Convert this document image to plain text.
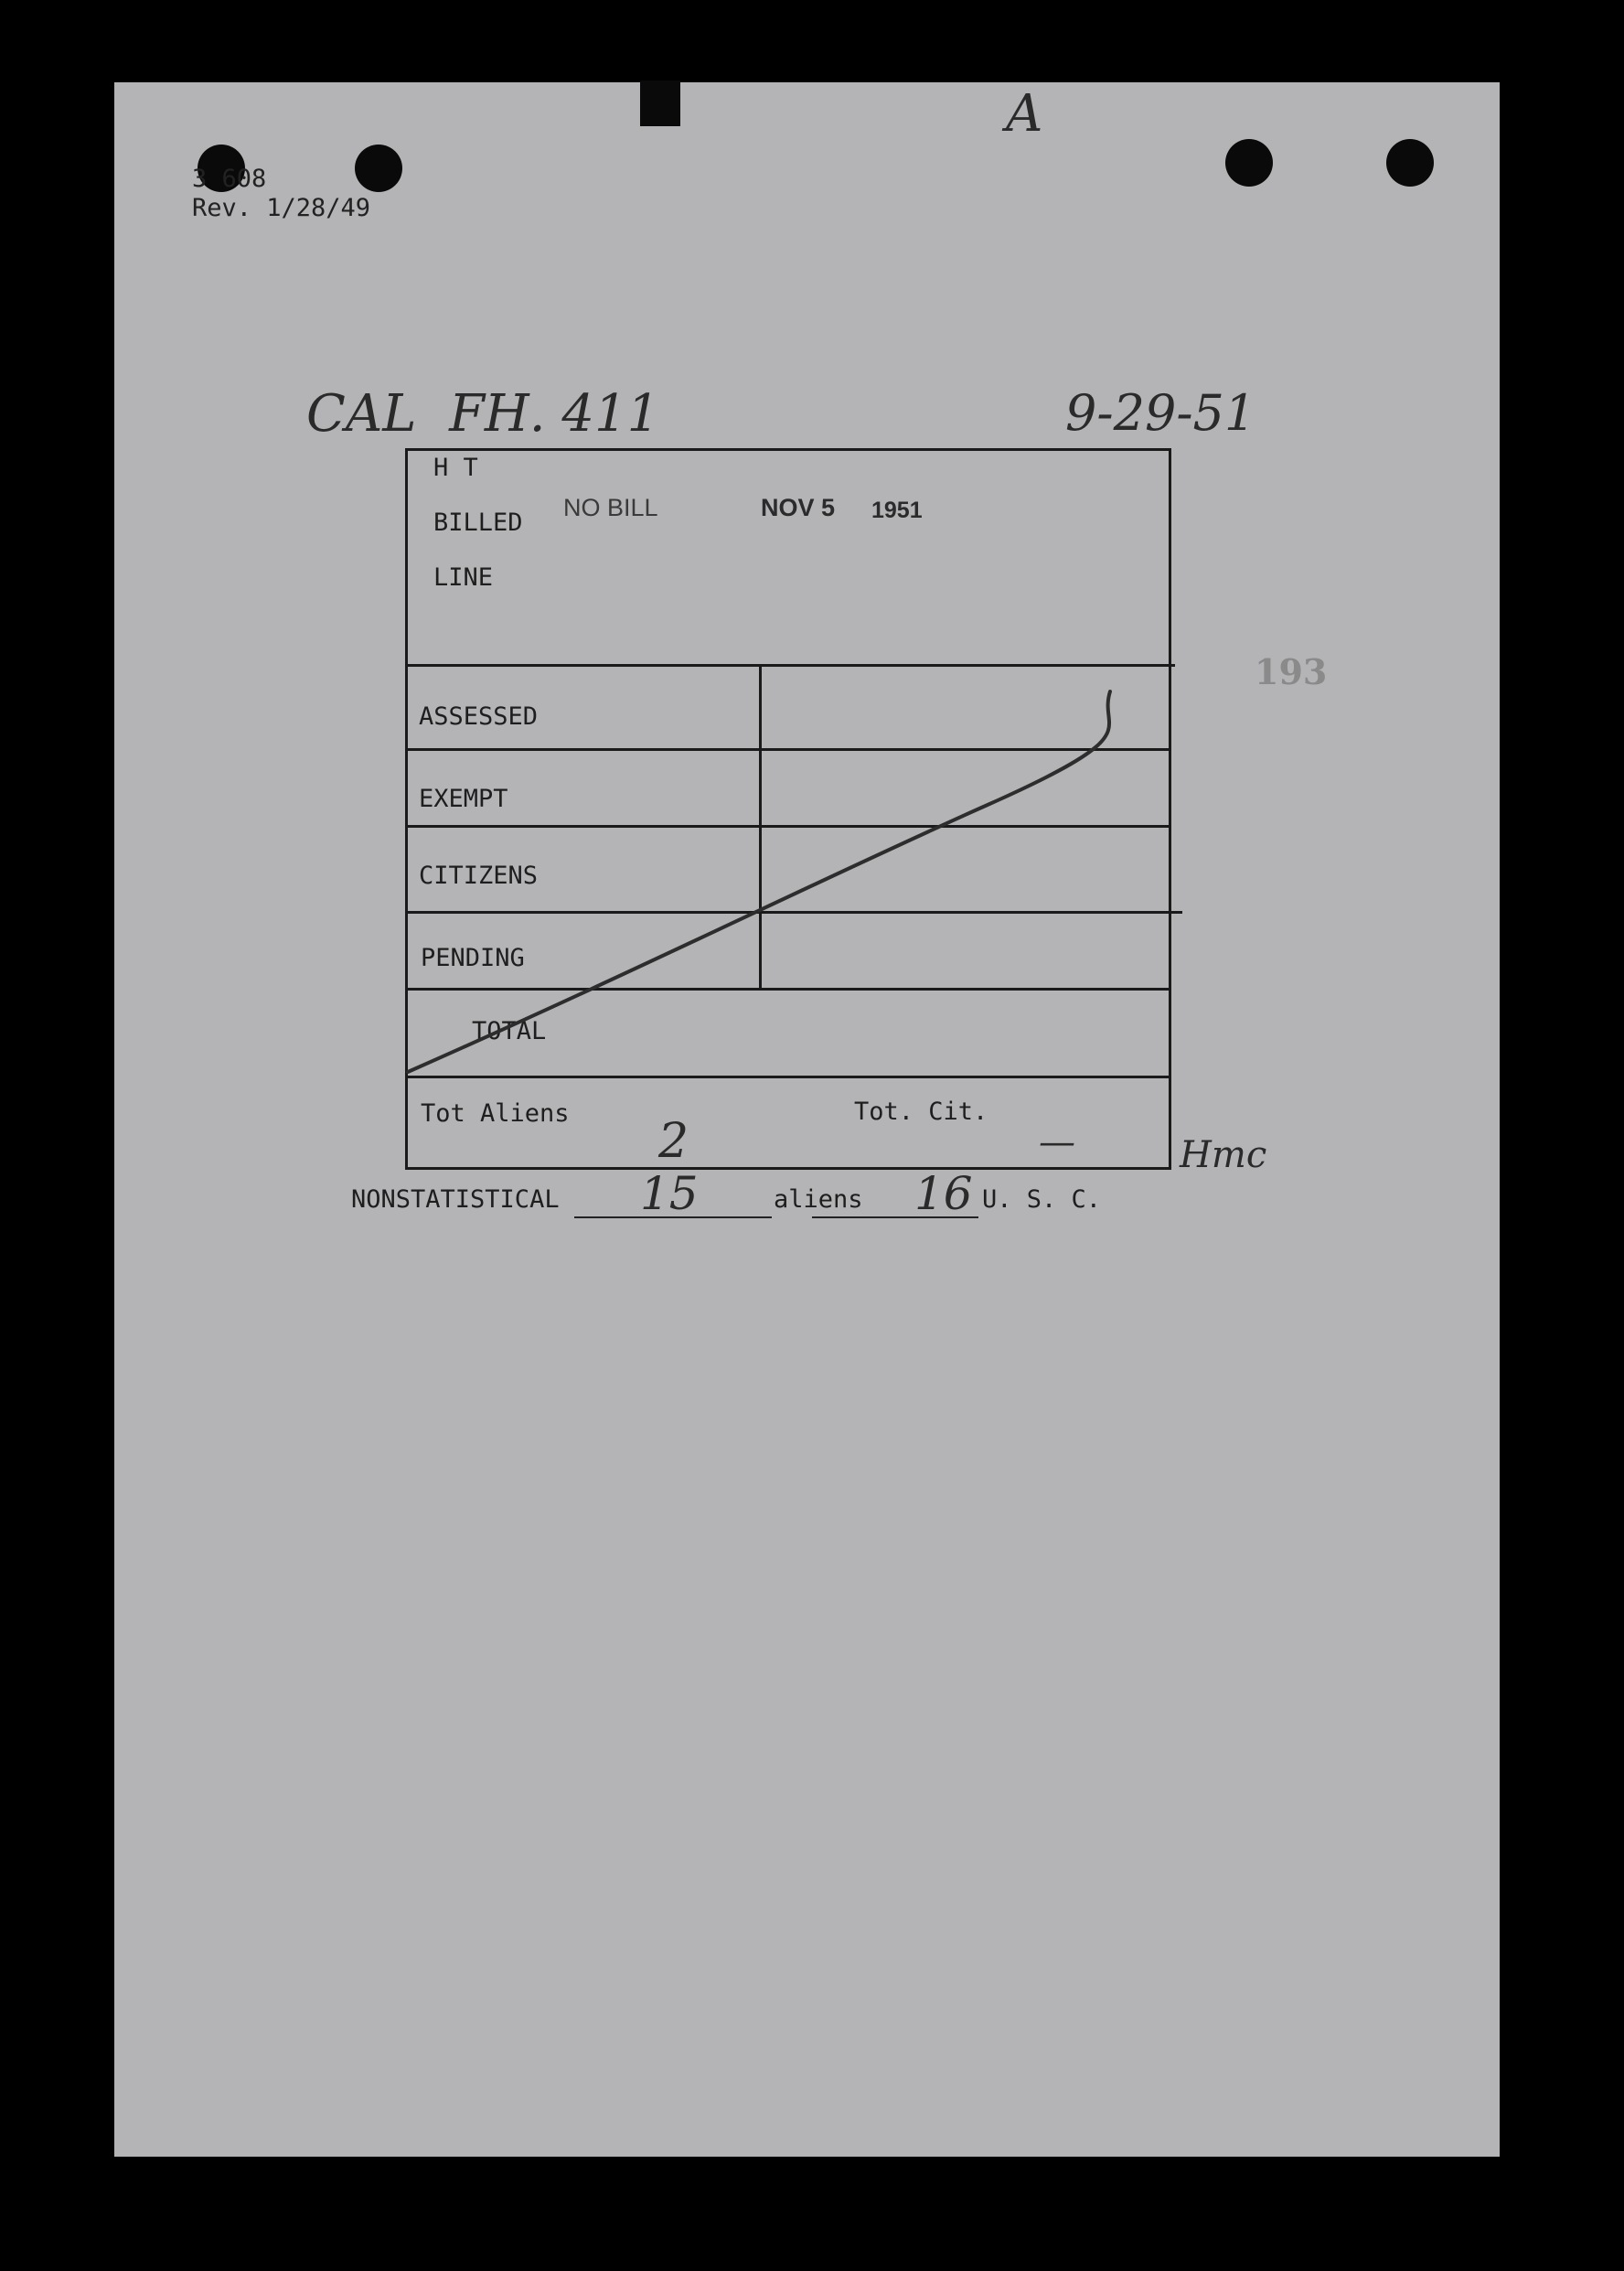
3 608
Rev. 1/28/49
A
CAL  FH. 411	9-29-51
193
H T
BILLED
LINE
NO BILL	NOV 5 1951
ASSESSED
EXEMPT
CITIZENS
PENDING
TOTAL
Tot Aliens	Tot. Cit.
2	—	Hmc
NONSTATISTICAL 15	aliens 16 U. S. C.
